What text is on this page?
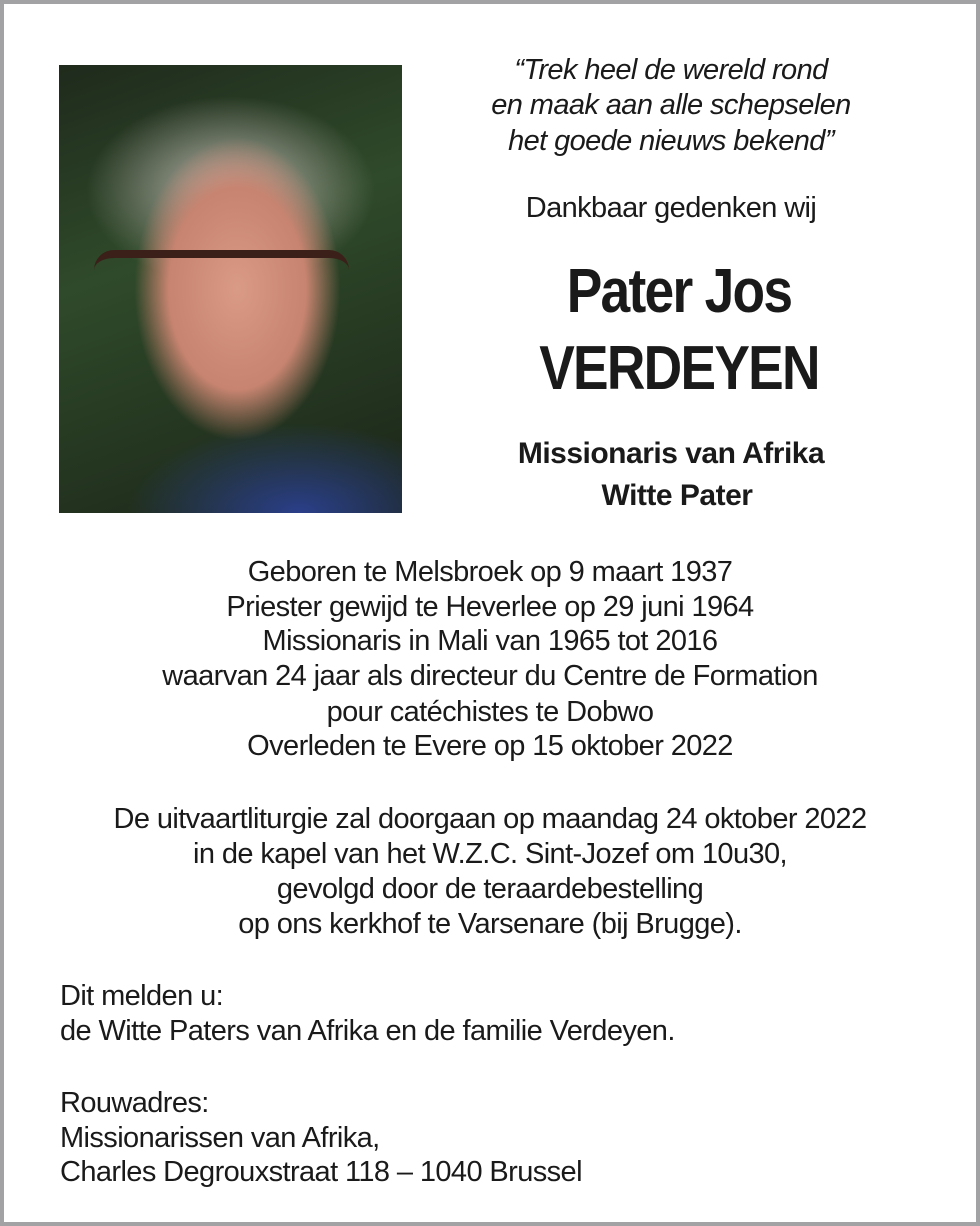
“Trek heel de wereld rond
en maak aan alle schepselen
het goede nieuws bekend”
Dankbaar gedenken wij
Pater Jos
VERDEYEN
Missionaris van Afrika
Witte Pater
Geboren te Melsbroek op 9 maart 1937
Priester gewijd te Heverlee op 29 juni 1964
Missionaris in Mali van 1965 tot 2016
waarvan 24 jaar als directeur du Centre de Formation
pour catéchistes te Dobwo
Overleden te Evere op 15 oktober 2022
De uitvaartliturgie zal doorgaan op maandag 24 oktober 2022
in de kapel van het W.Z.C. Sint-Jozef om 10u30,
gevolgd door de teraardebestelling
op ons kerkhof te Varsenare (bij Brugge).
Dit melden u:
de Witte Paters van Afrika en de familie Verdeyen.
Rouwadres:
Missionarissen van Afrika,
Charles Degrouxstraat 118 – 1040 Brussel
